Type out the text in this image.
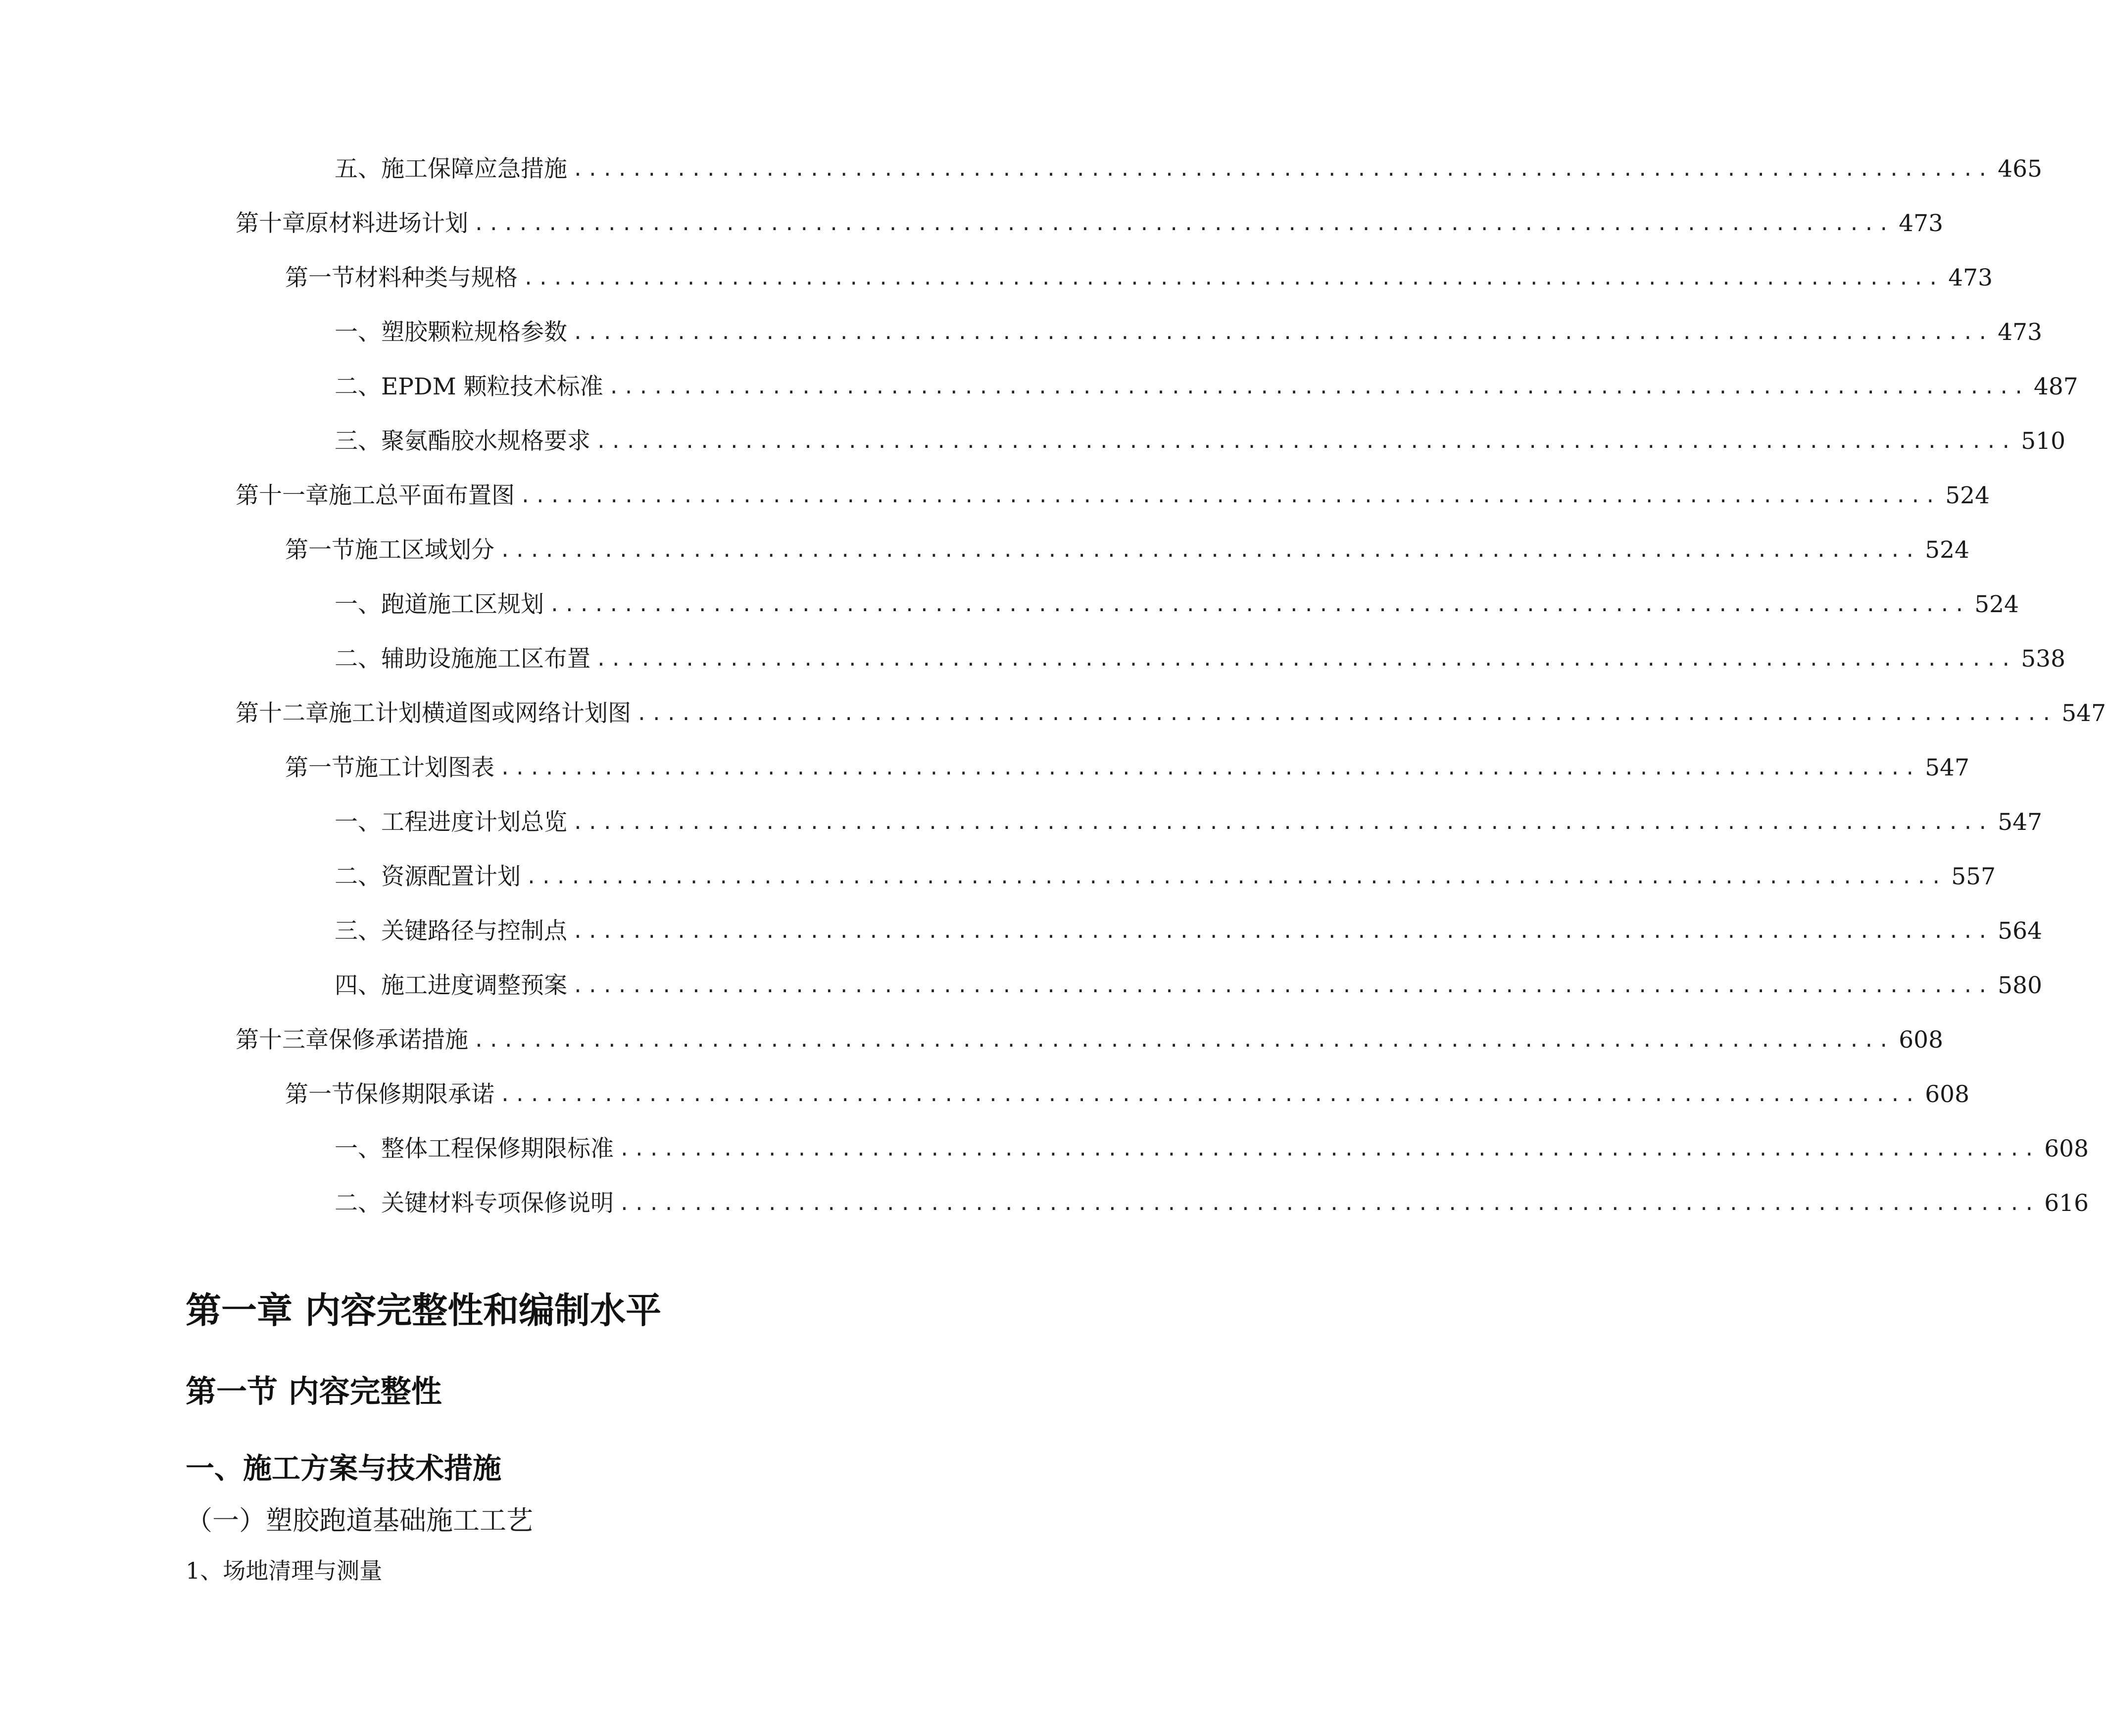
五、 施工保障应急措施 ................................................................................................ 465
第十章 原材料进场计划 ................................................................................................ 473
第一节 材料种类与规格 ................................................................................................ 473
一、 塑胶颗粒规格参数 ................................................................................................ 473
二、 EPDM 颗粒技术标准 ................................................................................................ 487
三、 聚氨酯胶水规格要求 ................................................................................................ 510
第十一章 施工总平面布置图 ................................................................................................ 524
第一节 施工区域划分 ................................................................................................ 524
一、 跑道施工区规划 ................................................................................................ 524
二、 辅助设施施工区布置 ................................................................................................ 538
第十二章 施工计划横道图或网络计划图 ................................................................................................ 547
第一节 施工计划图表 ................................................................................................ 547
一、 工程进度计划总览 ................................................................................................ 547
二、 资源配置计划 ................................................................................................ 557
三、 关键路径与控制点 ................................................................................................ 564
四、 施工进度调整预案 ................................................................................................ 580
第十三章 保修承诺措施 ................................................................................................ 608
第一节 保修期限承诺 ................................................................................................ 608
一、 整体工程保修期限标准 ................................................................................................ 608
二、 关键材料专项保修说明 ................................................................................................ 616
第一章 内容完整性和编制水平
第一节 内容完整性
一、施工方案与技术措施
（一）塑胶跑道基础施工工艺
1、场地清理与测量
